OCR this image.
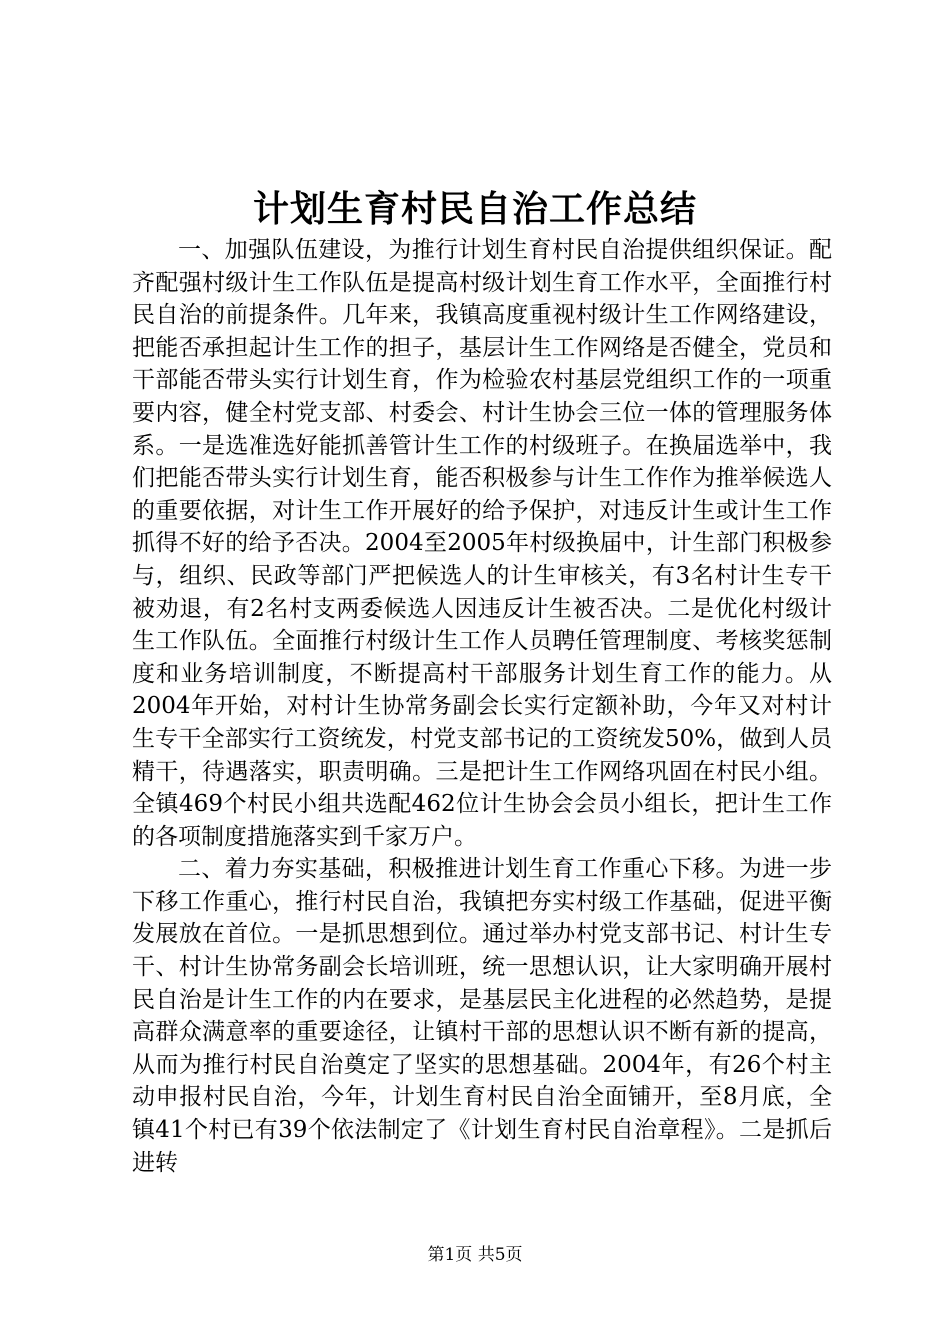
计划生育村民自治工作总结

一、加强队伍建设，为推行计划生育村民自治提供组织保证。配齐配强村级计生工作队伍是提高村级计划生育工作水平，全面推行村民自治的前提条件。几年来，我镇高度重视村级计生工作网络建设，把能否承担起计生工作的担子，基层计生工作网络是否健全，党员和干部能否带头实行计划生育，作为检验农村基层党组织工作的一项重要内容，健全村党支部、村委会、村计生协会三位一体的管理服务体系。一是选准选好能抓善管计生工作的村级班子。在换届选举中，我们把能否带头实行计划生育，能否积极参与计生工作作为推举候选人的重要依据，对计生工作开展好的给予保护，对违反计生或计生工作抓得不好的给予否决。2004至2005年村级换届中，计生部门积极参与，组织、民政等部门严把候选人的计生审核关，有3名村计生专干被劝退，有2名村支两委候选人因违反计生被否决。二是优化村级计生工作队伍。全面推行村级计生工作人员聘任管理制度、考核奖惩制度和业务培训制度，不断提高村干部服务计划生育工作的能力。从2004年开始，对村计生协常务副会长实行定额补助，今年又对村计生专干全部实行工资统发，村党支部书记的工资统发50%，做到人员精干，待遇落实，职责明确。三是把计生工作网络巩固在村民小组。全镇469个村民小组共选配462位计生协会会员小组长，把计生工作的各项制度措施落实到千家万户。

二、着力夯实基础，积极推进计划生育工作重心下移。为进一步下移工作重心，推行村民自治，我镇把夯实村级工作基础，促进平衡发展放在首位。一是抓思想到位。通过举办村党支部书记、村计生专干、村计生协常务副会长培训班，统一思想认识，让大家明确开展村民自治是计生工作的内在要求，是基层民主化进程的必然趋势，是提高群众满意率的重要途径，让镇村干部的思想认识不断有新的提高，从而为推行村民自治奠定了坚实的思想基础。2004年，有26个村主动申报村民自治，今年，计划生育村民自治全面铺开，至8月底，全镇41个村已有39个依法制定了《计划生育村民自治章程》。二是抓后进转

第1页 共5页
